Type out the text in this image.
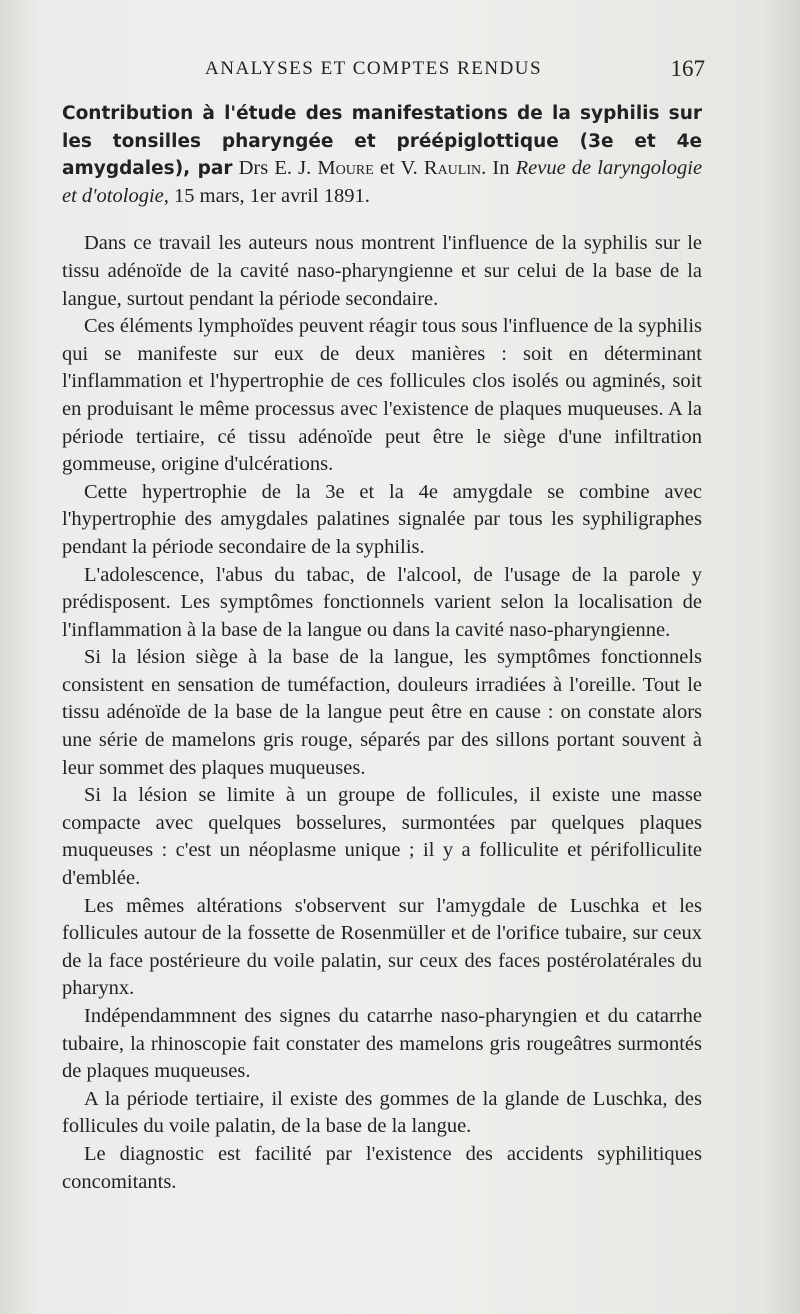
ANALYSES ET COMPTES RENDUS	167

Contribution à l'étude des manifestations de la syphilis sur les tonsilles pharyngée et préépiglottique (3e et 4e amygdales), par Drs E. J. Moure et V. Raulin. In Revue de laryngologie et d'otologie, 15 mars, 1er avril 1891.

Dans ce travail les auteurs nous montrent l'influence de la syphilis sur le tissu adénoïde de la cavité naso-pharyngienne et sur celui de la base de la langue, surtout pendant la période secondaire.

Ces éléments lymphoïdes peuvent réagir tous sous l'influence de la syphilis qui se manifeste sur eux de deux manières : soit en déterminant l'inflammation et l'hypertrophie de ces follicules clos isolés ou agminés, soit en produisant le même processus avec l'existence de plaques muqueuses. A la période tertiaire, cé tissu adénoïde peut être le siège d'une infiltration gommeuse, origine d'ulcérations.

Cette hypertrophie de la 3e et la 4e amygdale se combine avec l'hypertrophie des amygdales palatines signalée par tous les syphiligraphes pendant la période secondaire de la syphilis.

L'adolescence, l'abus du tabac, de l'alcool, de l'usage de la parole y prédisposent. Les symptômes fonctionnels varient selon la localisation de l'inflammation à la base de la langue ou dans la cavité naso-pharyngienne.

Si la lésion siège à la base de la langue, les symptômes fonctionnels consistent en sensation de tuméfaction, douleurs irradiées à l'oreille. Tout le tissu adénoïde de la base de la langue peut être en cause : on constate alors une série de mamelons gris rouge, séparés par des sillons portant souvent à leur sommet des plaques muqueuses.

Si la lésion se limite à un groupe de follicules, il existe une masse compacte avec quelques bosselures, surmontées par quelques plaques muqueuses : c'est un néoplasme unique ; il y a folliculite et périfolliculite d'emblée.

Les mêmes altérations s'observent sur l'amygdale de Luschka et les follicules autour de la fossette de Rosenmüller et de l'orifice tubaire, sur ceux de la face postérieure du voile palatin, sur ceux des faces postérolatérales du pharynx.

Indépendammnent des signes du catarrhe naso-pharyngien et du catarrhe tubaire, la rhinoscopie fait constater des mamelons gris rougeâtres surmontés de plaques muqueuses.

A la période tertiaire, il existe des gommes de la glande de Luschka, des follicules du voile palatin, de la base de la langue.

Le diagnostic est facilité par l'existence des accidents syphilitiques concomitants.
